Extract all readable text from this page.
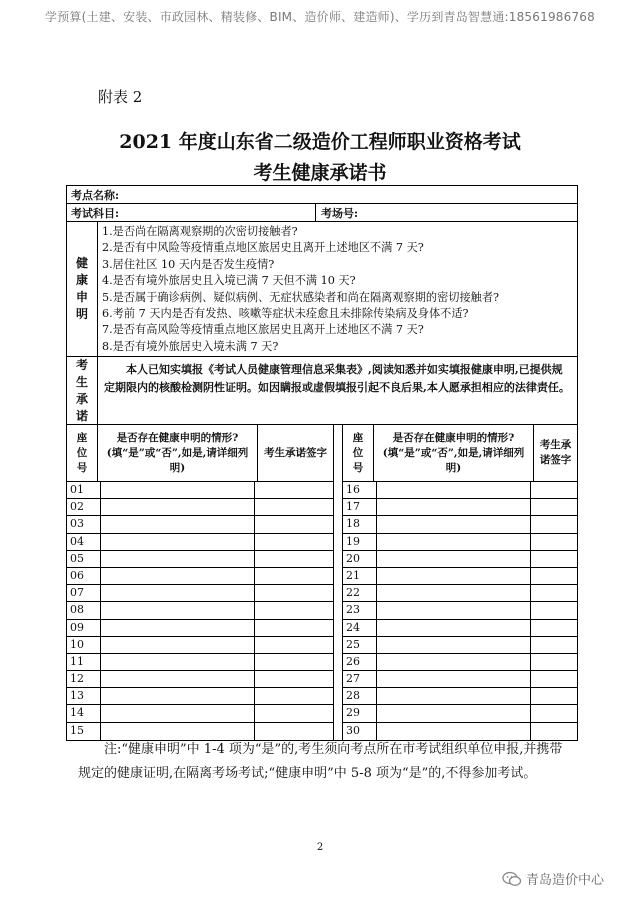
学预算(土建、安装、市政园林、精装修、BIM、造价师、建造师)、学历到青岛智慧通:18561986768
附表 2
2021 年度山东省二级造价工程师职业资格考试
考生健康承诺书
考点名称:
考试科目:	考场号:
健康申明
1.是否尚在隔离观察期的次密切接触者?
2.是否有中风险等疫情重点地区旅居史且离开上述地区不满 7 天?
3.居住社区 10 天内是否发生疫情?
4.是否有境外旅居史且入境已满 7 天但不满 10 天?
5.是否属于确诊病例、疑似病例、无症状感染者和尚在隔离观察期的密切接触者?
6.考前 7 天内是否有发热、咳嗽等症状未痊愈且未排除传染病及身体不适?
7.是否有高风险等疫情重点地区旅居史且离开上述地区不满 7 天?
8.是否有境外旅居史入境未满 7 天?
考生承诺
本人已知实填报《考试人员健康管理信息采集表》,阅读知悉并如实填报健康申明,已提供规定期限内的核酸检测阴性证明。如因瞒报或虚假填报引起不良后果,本人愿承担相应的法律责任。
座位号
是否存在健康申明的情形?(填“是”或“否”,如是,请详细列明)
考生承诺签字
01
02
03
04
05
06
07
08
09
10
11
12
13
14
15
座位号
是否存在健康申明的情形?(填“是”或“否”,如是,请详细列明)
考生承诺签字
16
17
18
19
20
21
22
23
24
25
26
27
28
29
30
注:“健康申明”中 1-4 项为“是”的,考生须向考点所在市考试组织单位申报,并携带规定的健康证明,在隔离考场考试;“健康申明”中 5-8 项为“是”的,不得参加考试。
2
青岛造价中心
